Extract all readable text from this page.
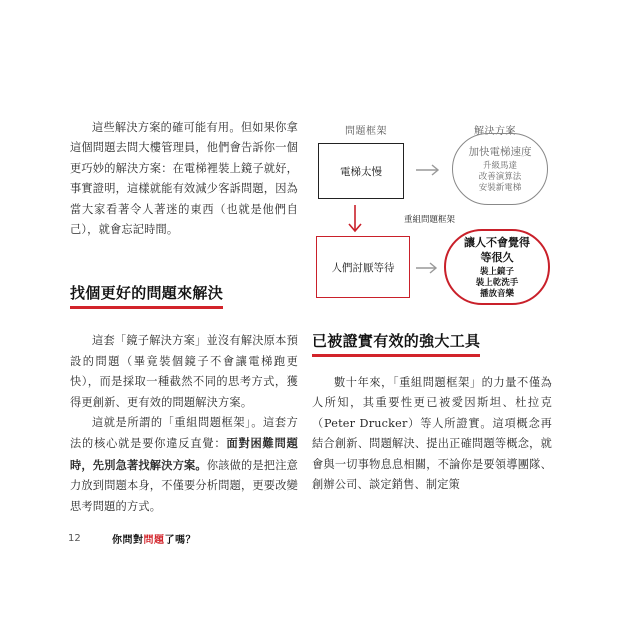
這些解決方案的確可能有用。但如果你拿這個問題去問大樓管理員，他們會告訴你一個更巧妙的解決方案：在電梯裡裝上鏡子就好，事實證明，這樣就能有效減少客訴問題，因為當大家看著令人著迷的東西（也就是他們自己），就會忘記時間。

找個更好的問題來解決

這套「鏡子解決方案」並沒有解決原本預設的問題（畢竟裝個鏡子不會讓電梯跑更快），而是採取一種截然不同的思考方式，獲得更創新、更有效的問題解決方案。

這就是所謂的「重組問題框架」。這套方法的核心就是要你違反直覺：面對困難問題時，先別急著找解決方案。你該做的是把注意力放到問題本身，不僅要分析問題，更要改變思考問題的方式。

問題框架	解決方案
電梯太慢
加快電梯速度
升級馬達
改善演算法
安裝新電梯
重組問題框架
人們討厭等待
讓人不會覺得
等很久
裝上鏡子
裝上乾洗手
播放音樂
已被證實有效的強大工具

數十年來，「重組問題框架」的力量不僅為人所知，其重要性更已被愛因斯坦、杜拉克（Peter Drucker）等人所證實。這項概念再結合創新、問題解決、提出正確問題等概念，就會與一切事物息息相關，不論你是要領導團隊、創辦公司、談定銷售、制定策

12	你問對問題了嗎？
